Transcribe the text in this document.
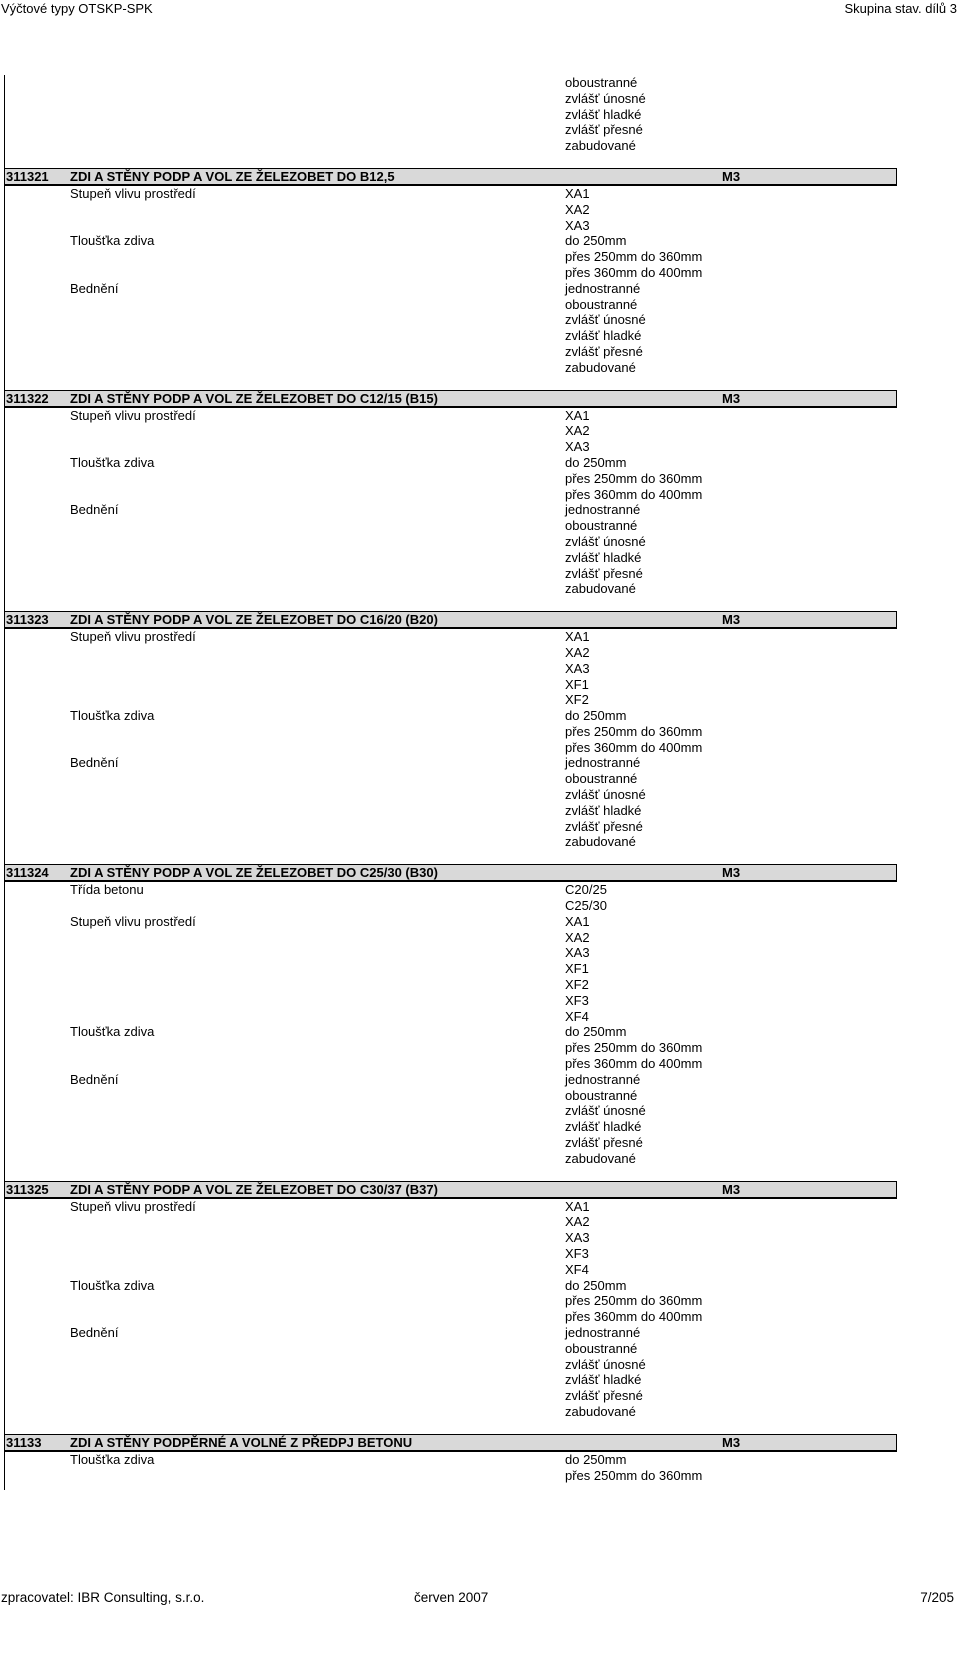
Výčtové typy OTSKP-SPK	Skupina stav. dílů 3
oboustranné
zvlášť únosné
zvlášť hladké
zvlášť přesné
zabudované
311321 ZDI A STĚNY PODP A VOL ZE ŽELEZOBET DO B12,5	M3
Stupeň vlivu prostředí	XA1
XA2
XA3
Tloušťka zdiva	do 250mm
přes 250mm do 360mm
přes 360mm do 400mm
Bednění	jednostranné
oboustranné
zvlášť únosné
zvlášť hladké
zvlášť přesné
zabudované
311322 ZDI A STĚNY PODP A VOL ZE ŽELEZOBET DO C12/15 (B15)	M3
Stupeň vlivu prostředí	XA1
XA2
XA3
Tloušťka zdiva	do 250mm
přes 250mm do 360mm
přes 360mm do 400mm
Bednění	jednostranné
oboustranné
zvlášť únosné
zvlášť hladké
zvlášť přesné
zabudované
311323 ZDI A STĚNY PODP A VOL ZE ŽELEZOBET DO C16/20 (B20)	M3
Stupeň vlivu prostředí	XA1
XA2
XA3
XF1
XF2
Tloušťka zdiva	do 250mm
přes 250mm do 360mm
přes 360mm do 400mm
Bednění	jednostranné
oboustranné
zvlášť únosné
zvlášť hladké
zvlášť přesné
zabudované
311324 ZDI A STĚNY PODP A VOL ZE ŽELEZOBET DO C25/30 (B30)	M3
Třída betonu	C20/25
C25/30
Stupeň vlivu prostředí	XA1
XA2
XA3
XF1
XF2
XF3
XF4
Tloušťka zdiva	do 250mm
přes 250mm do 360mm
přes 360mm do 400mm
Bednění	jednostranné
oboustranné
zvlášť únosné
zvlášť hladké
zvlášť přesné
zabudované
311325 ZDI A STĚNY PODP A VOL ZE ŽELEZOBET DO C30/37 (B37)	M3
Stupeň vlivu prostředí	XA1
XA2
XA3
XF3
XF4
Tloušťka zdiva	do 250mm
přes 250mm do 360mm
přes 360mm do 400mm
Bednění	jednostranné
oboustranné
zvlášť únosné
zvlášť hladké
zvlášť přesné
zabudované
31133 ZDI A STĚNY PODPĚRNÉ A VOLNÉ Z PŘEDPJ BETONU	M3
Tloušťka zdiva	do 250mm
přes 250mm do 360mm
zpracovatel: IBR Consulting, s.r.o.	červen 2007	7/205
